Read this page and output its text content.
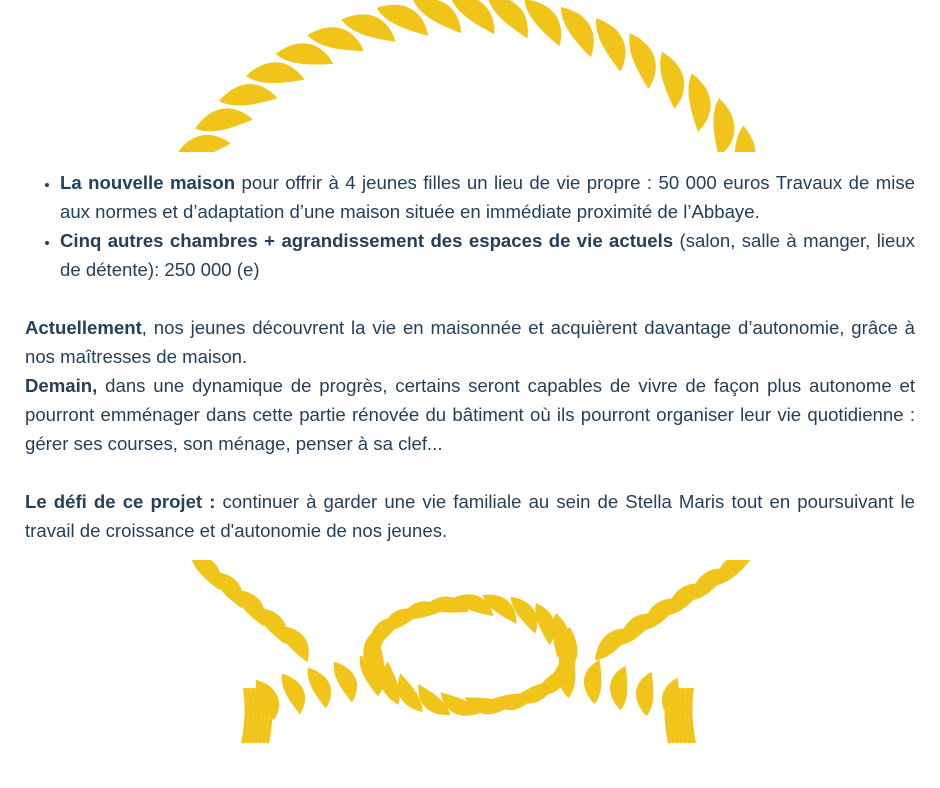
• La nouvelle maison pour offrir à 4 jeunes filles un lieu de vie propre : 50 000 euros Travaux de mise aux normes et d’adaptation d’une maison située en immédiate proximité de l’Abbaye.
• Cinq autres chambres + agrandissement des espaces de vie actuels (salon, salle à manger, lieux de détente): 250 000 (e)

Actuellement, nos jeunes découvrent la vie en maisonnée et acquièrent davantage d’autonomie, grâce à nos maîtresses de maison.

Demain, dans une dynamique de progrès, certains seront capables de vivre de façon plus autonome et pourront emménager dans cette partie rénovée du bâtiment où ils pourront organiser leur vie quotidienne : gérer ses courses, son ménage, penser à sa clef...

Le défi de ce projet : continuer à garder une vie familiale au sein de Stella Maris tout en poursuivant le travail de croissance et d'autonomie de nos jeunes.
